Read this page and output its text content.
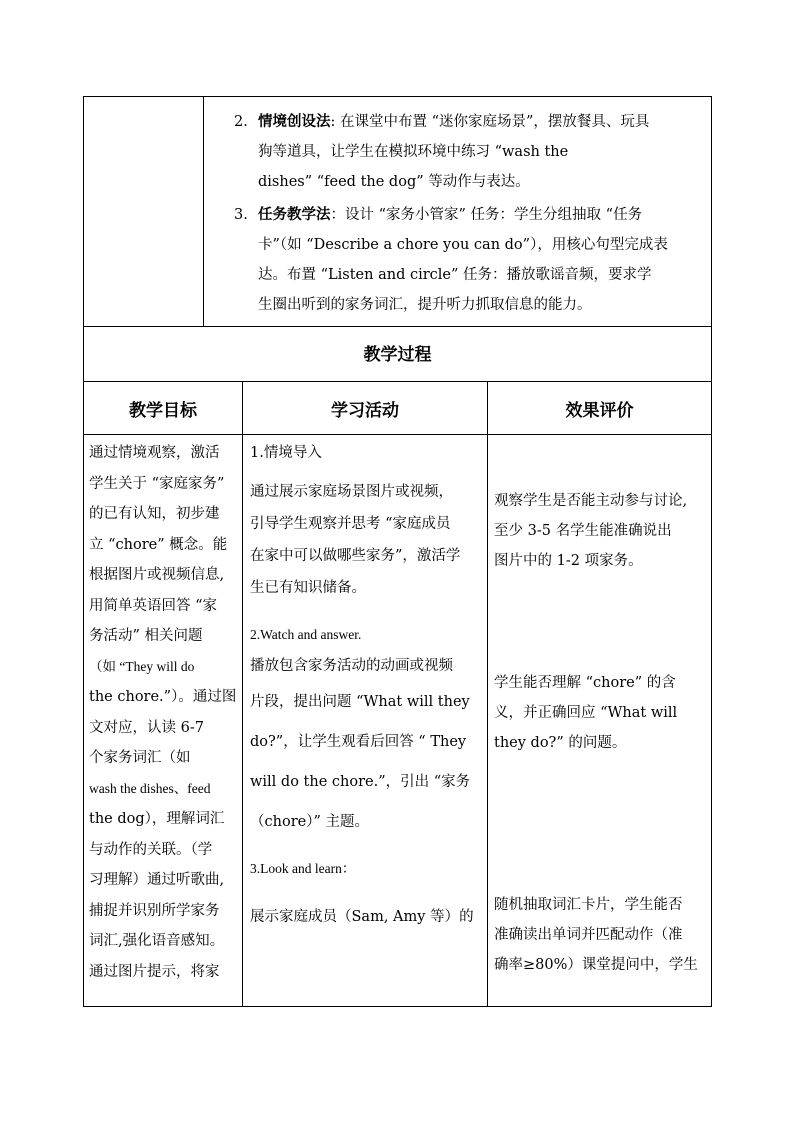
2. 情境创设法: 在课堂中布置 “迷你家庭场景”，摆放餐具、玩具
狗等道具，让学生在模拟环境中练习 “wash the
dishes” “feed the dog” 等动作与表达。
3. 任务教学法：设计 “家务小管家” 任务：学生分组抽取 “任务
卡”（如 “Describe a chore you can do”），用核心句型完成表
达。布置 “Listen and circle” 任务：播放歌谣音频，要求学
生圈出听到的家务词汇，提升听力抓取信息的能力。
教学过程
教学目标	学习活动	效果评价

通过情境观察，激活

学生关于 “家庭家务”

的已有认知，初步建

立 “chore” 概念。能

根据图片或视频信息,

用简单英语回答 “家

务活动” 相关问题

（如 “They will do

the chore.”）。通过图

文对应，认读 6-7

个家务词汇（如

wash the dishes、feed

the dog），理解词汇

与动作的关联。（学

习理解）通过听歌曲,

捕捉并识别所学家务

词汇,强化语音感知。

通过图片提示，将家

1.情境导入

通过展示家庭场景图片或视频，

引导学生观察并思考 “家庭成员

在家中可以做哪些家务”，激活学

生已有知识储备。

2.Watch and answer.

播放包含家务活动的动画或视频

片段，提出问题 “What will they

do?”，让学生观看后回答 “ They

will do the chore.”，引出 “家务

（chore）” 主题。

3.Look and learn：

展示家庭成员（Sam, Amy 等）的

观察学生是否能主动参与讨论,

至少 3-5 名学生能准确说出

图片中的 1-2 项家务。

学生能否理解 “chore” 的含

义，并正确回应 “What will

they do?” 的问题。

随机抽取词汇卡片，学生能否

准确读出单词并匹配动作（准

确率≥80%）课堂提问中，学生
